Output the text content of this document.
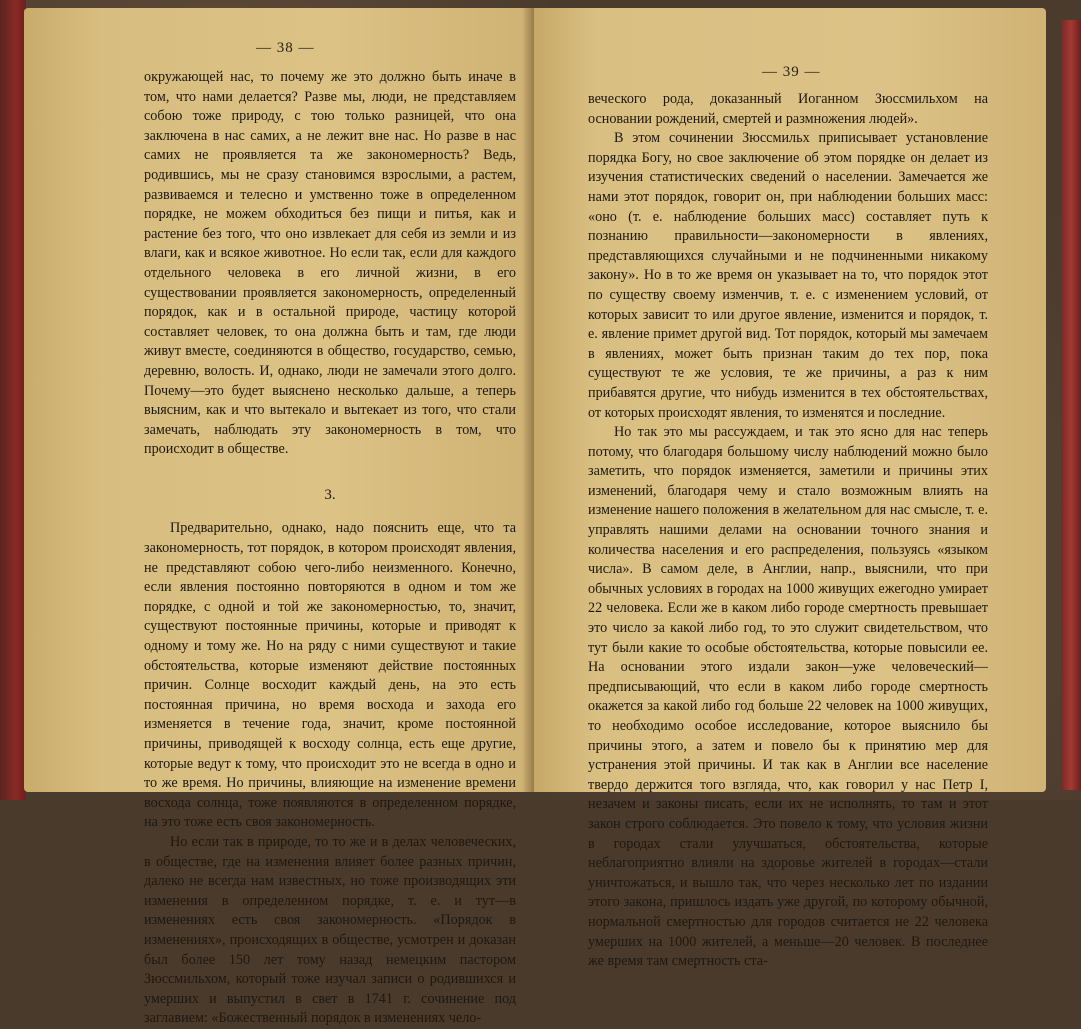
— 38 —

окружающей нас, то почему же это должно быть иначе в том, что нами делается? Разве мы, люди, не представляем собою тоже природу, с тою только разницей, что она заключена в нас самих, а не лежит вне нас. Но разве в нас самих не проявляется та же закономерность? Ведь, родившись, мы не сразу становимся взрослыми, а растем, развиваемся и телесно и умственно тоже в определенном порядке, не можем обходиться без пищи и питья, как и растение без того, что оно извлекает для себя из земли и из влаги, как и всякое животное. Но если так, если для каждого отдельного человека в его личной жизни, в его существовании проявляется закономерность, определенный порядок, как и в остальной природе, частицу которой составляет человек, то она должна быть и там, где люди живут вместе, соединяются в общество, государство, семью, деревню, волость. И, однако, люди не замечали этого долго. Почему—это будет выяснено несколько дальше, а теперь выясним, как и что вытекало и вытекает из того, что стали замечать, наблюдать эту закономерность в том, что происходит в обществе.

3.

Предварительно, однако, надо пояснить еще, что та закономерность, тот порядок, в котором происходят явления, не представляют собою чего-либо неизменного. Конечно, если явления постоянно повторяются в одном и том же порядке, с одной и той же закономерностью, то, значит, существуют постоянные причины, которые и приводят к одному и тому же. Но на ряду с ними существуют и такие обстоятельства, которые изменяют действие постоянных причин. Солнце восходит каждый день, на это есть постоянная причина, но время восхода и захода его изменяется в течение года, значит, кроме постоянной причины, приводящей к восходу солнца, есть еще другие, которые ведут к тому, что происходит это не всегда в одно и то же время. Но причины, влияющие на изменение времени восхода солнца, тоже появляются в определенном порядке, на это тоже есть своя закономерность.

Но если так в природе, то то же и в делах человеческих, в обществе, где на изменения влияет более разных причин, далеко не всегда нам известных, но тоже производящих эти изменения в определенном порядке, т. е. и тут—в изменениях есть своя закономерность. «Порядок в изменениях», происходящих в обществе, усмотрен и доказан был более 150 лет тому назад немецким пастором Зюссмильхом, который тоже изучал записи о родившихся и умерших и выпустил в свет в 1741 г. сочинение под заглавием: «Божественный порядок в изменениях чело-

— 39 —

веческого рода, доказанный Иоганном Зюссмильхом на основании рождений, смертей и размножения людей».

В этом сочинении Зюссмильх приписывает установление порядка Богу, но свое заключение об этом порядке он делает из изучения статистических сведений о населении. Замечается же нами этот порядок, говорит он, при наблюдении больших масс: «оно (т. е. наблюдение больших масс) составляет путь к познанию правильности—закономерности в явлениях, представляющихся случайными и не подчиненными никакому закону». Но в то же время он указывает на то, что порядок этот по существу своему изменчив, т. е. с изменением условий, от которых зависит то или другое явление, изменится и порядок, т. е. явление примет другой вид. Тот порядок, который мы замечаем в явлениях, может быть признан таким до тех пор, пока существуют те же условия, те же причины, а раз к ним прибавятся другие, что нибудь изменится в тех обстоятельствах, от которых происходят явления, то изменятся и последние.

Но так это мы рассуждаем, и так это ясно для нас теперь потому, что благодаря большому числу наблюдений можно было заметить, что порядок изменяется, заметили и причины этих изменений, благодаря чему и стало возможным влиять на изменение нашего положения в желательном для нас смысле, т. е. управлять нашими делами на основании точного знания и количества населения и его распределения, пользуясь «языком числа». В самом деле, в Англии, напр., выяснили, что при обычных условиях в городах на 1000 живущих ежегодно умирает 22 человека. Если же в каком либо городе смертность превышает это число за какой либо год, то это служит свидетельством, что тут были какие то особые обстоятельства, которые повысили ее. На основании этого издали закон—уже человеческий—предписывающий, что если в каком либо городе смертность окажется за какой либо год больше 22 человек на 1000 живущих, то необходимо особое исследование, которое выяснило бы причины этого, а затем и повело бы к принятию мер для устранения этой причины. И так как в Англии все население твердо держится того взгляда, что, как говорил у нас Петр I, незачем и законы писать, если их не исполнять, то там и этот закон строго соблюдается. Это повело к тому, что условия жизни в городах стали улучшаться, обстоятельства, которые неблагоприятно влияли на здоровье жителей в городах—стали уничтожаться, и вышло так, что через несколько лет по издании этого закона, пришлось издать уже другой, по которому обычной, нормальной смертностью для городов считается не 22 человека умерших на 1000 жителей, а меньше—20 человек. В последнее же время там смертность ста-
